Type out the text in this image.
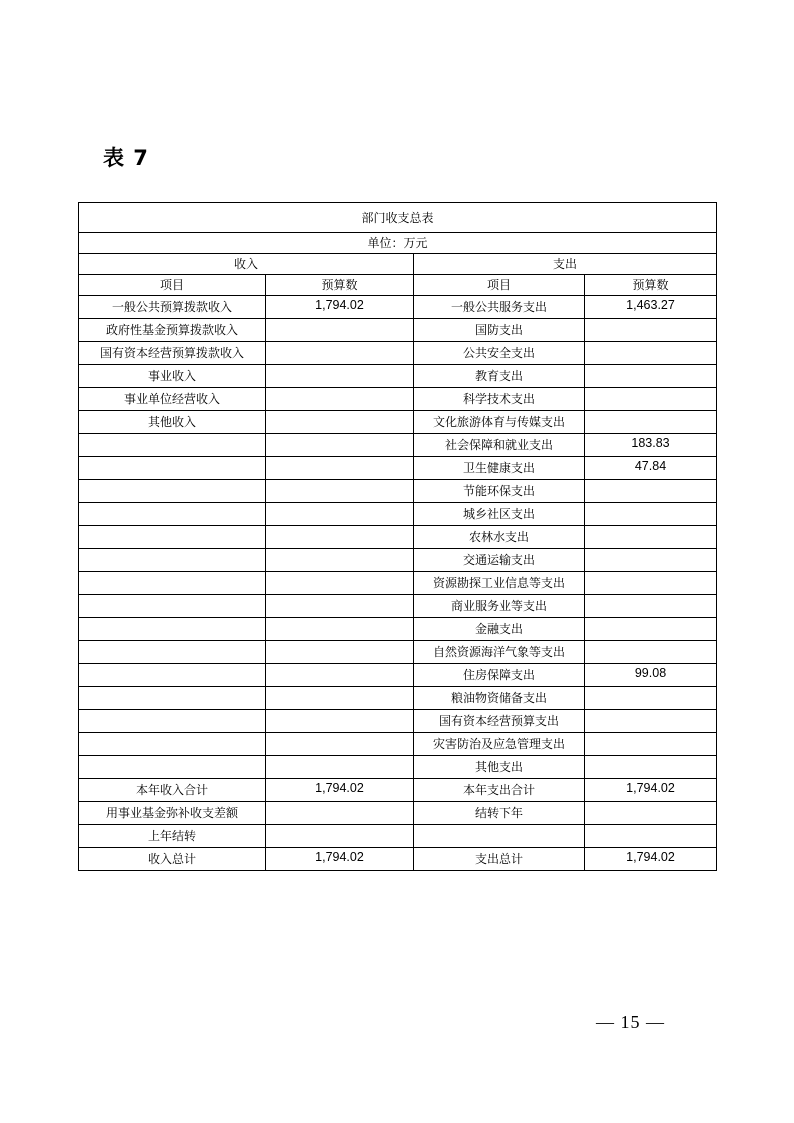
表 7
部门收支总表			
单位：万元			
收入		支出	
项目	预算数	项目	预算数
一般公共预算拨款收入	1,794.02	一般公共服务支出	1,463.27
政府性基金预算拨款收入		国防支出	
国有资本经营预算拨款收入		公共安全支出	
事业收入		教育支出	
事业单位经营收入		科学技术支出	
其他收入		文化旅游体育与传媒支出	
		社会保障和就业支出	183.83
		卫生健康支出	47.84
		节能环保支出	
		城乡社区支出	
		农林水支出	
		交通运输支出	
		资源勘探工业信息等支出	
		商业服务业等支出	
		金融支出	
		自然资源海洋气象等支出	
		住房保障支出	99.08
		粮油物资储备支出	
		国有资本经营预算支出	
		灾害防治及应急管理支出	
		其他支出	
本年收入合计	1,794.02	本年支出合计	1,794.02
用事业基金弥补收支差额		结转下年	
上年结转			
收入总计	1,794.02	支出总计	1,794.02
— 15 —
